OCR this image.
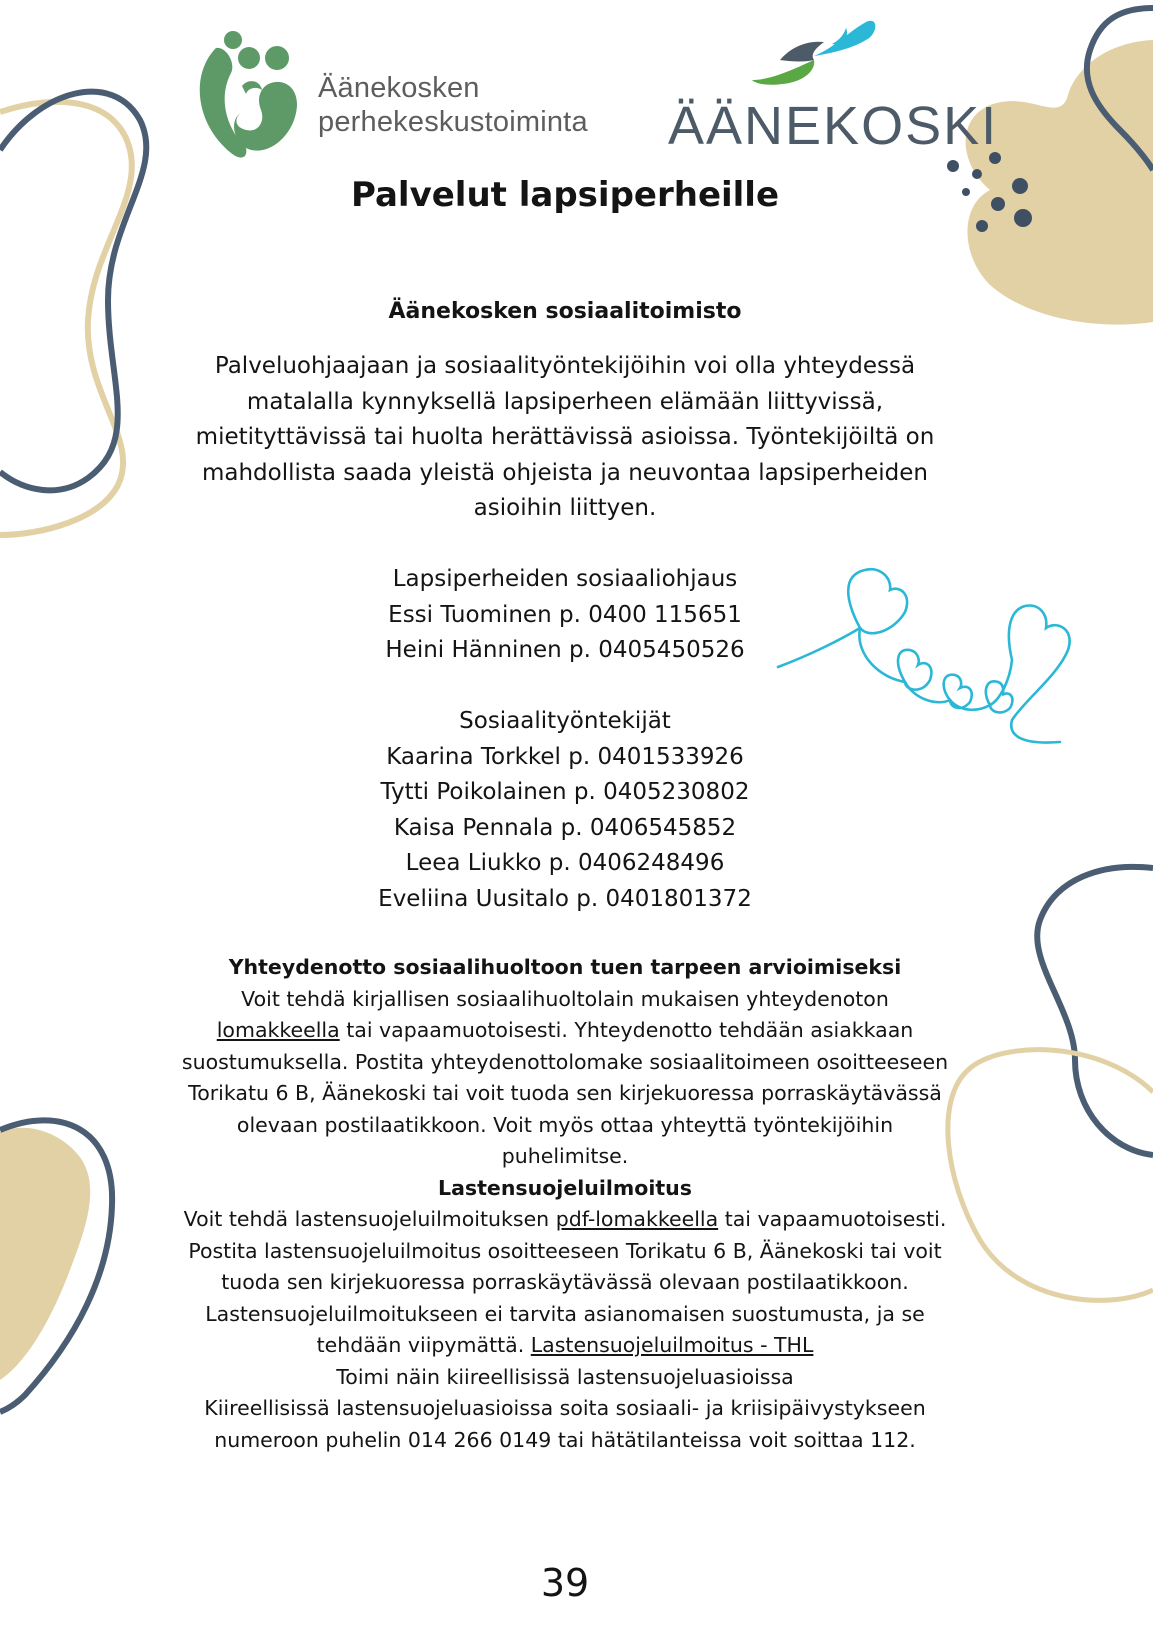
Äänekosken
perhekeskustoiminta ÄÄNEKOSKI
Palvelut lapsiperheille
Äänekosken sosiaalitoimisto

Palveluohjaajaan ja sosiaalityöntekijöihin voi olla yhteydessä

matalalla kynnyksellä lapsiperheen elämään liittyvissä,

mietityttävissä tai huolta herättävissä asioissa. Työntekijöiltä on

mahdollista saada yleistä ohjeista ja neuvontaa lapsiperheiden

asioihin liittyen.

Lapsiperheiden sosiaaliohjaus
Essi Tuominen p. 0400 115651
Heini Hänninen p. 0405450526
Sosiaalityöntekijät
Kaarina Torkkel p. 0401533926
Tytti Poikolainen p. 0405230802
Kaisa Pennala p. 0406545852
Leea Liukko p. 0406248496
Eveliina Uusitalo p. 0401801372

Yhteydenotto sosiaalihuoltoon tuen tarpeen arvioimiseksi

Voit tehdä kirjallisen sosiaalihuoltolain mukaisen yhteydenoton

lomakkeella tai vapaamuotoisesti. Yhteydenotto tehdään asiakkaan

suostumuksella. Postita yhteydenottolomake sosiaalitoimeen osoitteeseen

Torikatu 6 B, Äänekoski tai voit tuoda sen kirjekuoressa porraskäytävässä

olevaan postilaatikkoon. Voit myös ottaa yhteyttä työntekijöihin

puhelimitse.

Lastensuojeluilmoitus

Voit tehdä lastensuojeluilmoituksen pdf-lomakkeella tai vapaamuotoisesti.

Postita lastensuojeluilmoitus osoitteeseen Torikatu 6 B, Äänekoski tai voit

tuoda sen kirjekuoressa porraskäytävässä olevaan postilaatikkoon.

Lastensuojeluilmoitukseen ei tarvita asianomaisen suostumusta, ja se

tehdään viipymättä. Lastensuojeluilmoitus - THL

Toimi näin kiireellisissä lastensuojeluasioissa

Kiireellisissä lastensuojeluasioissa soita sosiaali- ja kriisipäivystykseen

numeroon puhelin 014 266 0149 tai hätätilanteissa voit soittaa 112.

39
